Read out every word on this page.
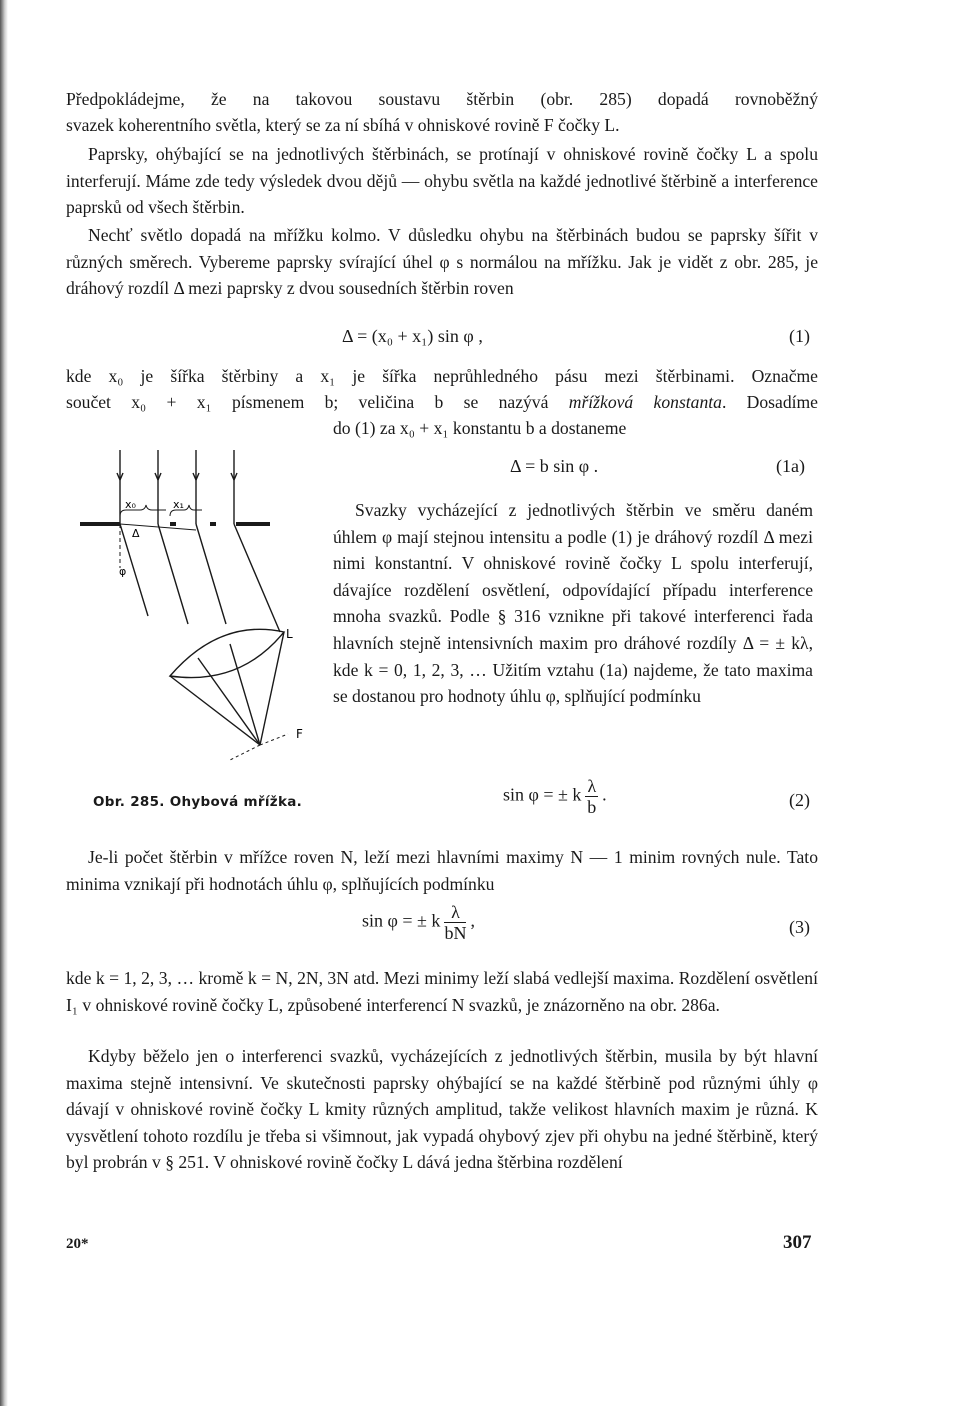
Předpokládejme, že na takovou soustavu štěrbin (obr. 285) dopadá rovnoběžný

svazek koherentního světla, který se za ní sbíhá v ohniskové rovině F čočky L.

Paprsky, ohýbající se na jednotlivých štěrbinách, se protínají v ohniskové rovině čočky L a spolu interferují. Máme zde tedy výsledek dvou dějů — ohybu světla na každé jednotlivé štěrbině a interference paprsků od všech štěrbin.

Nechť světlo dopadá na mřížku kolmo. V důsledku ohybu na štěrbinách budou se paprsky šířit v různých směrech. Vybereme paprsky svírající úhel φ s normálou na mřížku. Jak je vidět z obr. 285, je dráhový rozdíl Δ mezi paprsky z dvou sousedních štěrbin roven

Δ = (x₀ + x₁) sin φ ,	(1)

kde x₀ je šířka štěrbiny a x₁ je šířka neprůhledného pásu mezi štěrbinami. Označme

součet x₀ + x₁ písmenem b; veličina b se nazývá mřížková konstanta. Dosadíme

do (1) za x₀ + x₁ konstantu b a dostaneme

Δ = b sin φ .	(1a)
x₀	x₁
Δ
φ
L
F

Svazky vycházející z jednotlivých štěrbin ve směru daném úhlem φ mají stejnou intensitu a podle (1) je dráhový rozdíl Δ mezi nimi konstantní. V ohniskové rovině čočky L spolu interferují, dávajíce rozdělení osvětlení, odpovídající případu interference mnoha svazků. Podle § 316 vznikne při takové interferenci řada hlavních stejně intensivních maxim pro dráhové rozdíly Δ = ± kλ, kde k = 0, 1, 2, 3, … Užitím vztahu (1a) najdeme, že tato maxima se dostanou pro hodnoty úhlu φ, splňující podmínku

Obr. 285. Ohybová mřížka.	sin φ = ± k $\frac{\lambda}{b}$ .	(2)

Je-li počet štěrbin v mřížce roven N, leží mezi hlavními maximy N — 1 minim rovných nule. Tato minima vznikají při hodnotách úhlu φ, splňujících podmínku

sin φ = ± k $\frac{\lambda}{bN}$ ,	(3)

kde k = 1, 2, 3, … kromě k = N, 2N, 3N atd. Mezi minimy leží slabá vedlejší maxima. Rozdělení osvětlení I₁ v ohniskové rovině čočky L, způsobené interferencí N svazků, je znázorněno na obr. 286a.

Kdyby běželo jen o interferenci svazků, vycházejících z jednotlivých štěrbin, musila by být hlavní maxima stejně intensivní. Ve skutečnosti paprsky ohýbající se na každé štěrbině pod různými úhly φ dávají v ohniskové rovině čočky L kmity různých amplitud, takže velikost hlavních maxim je různá. K vysvětlení tohoto rozdílu je třeba si všimnout, jak vypadá ohybový zjev při ohybu na jedné štěrbině, který byl probrán v § 251. V ohniskové rovině čočky L dává jedna štěrbina rozdělení

20*	307
